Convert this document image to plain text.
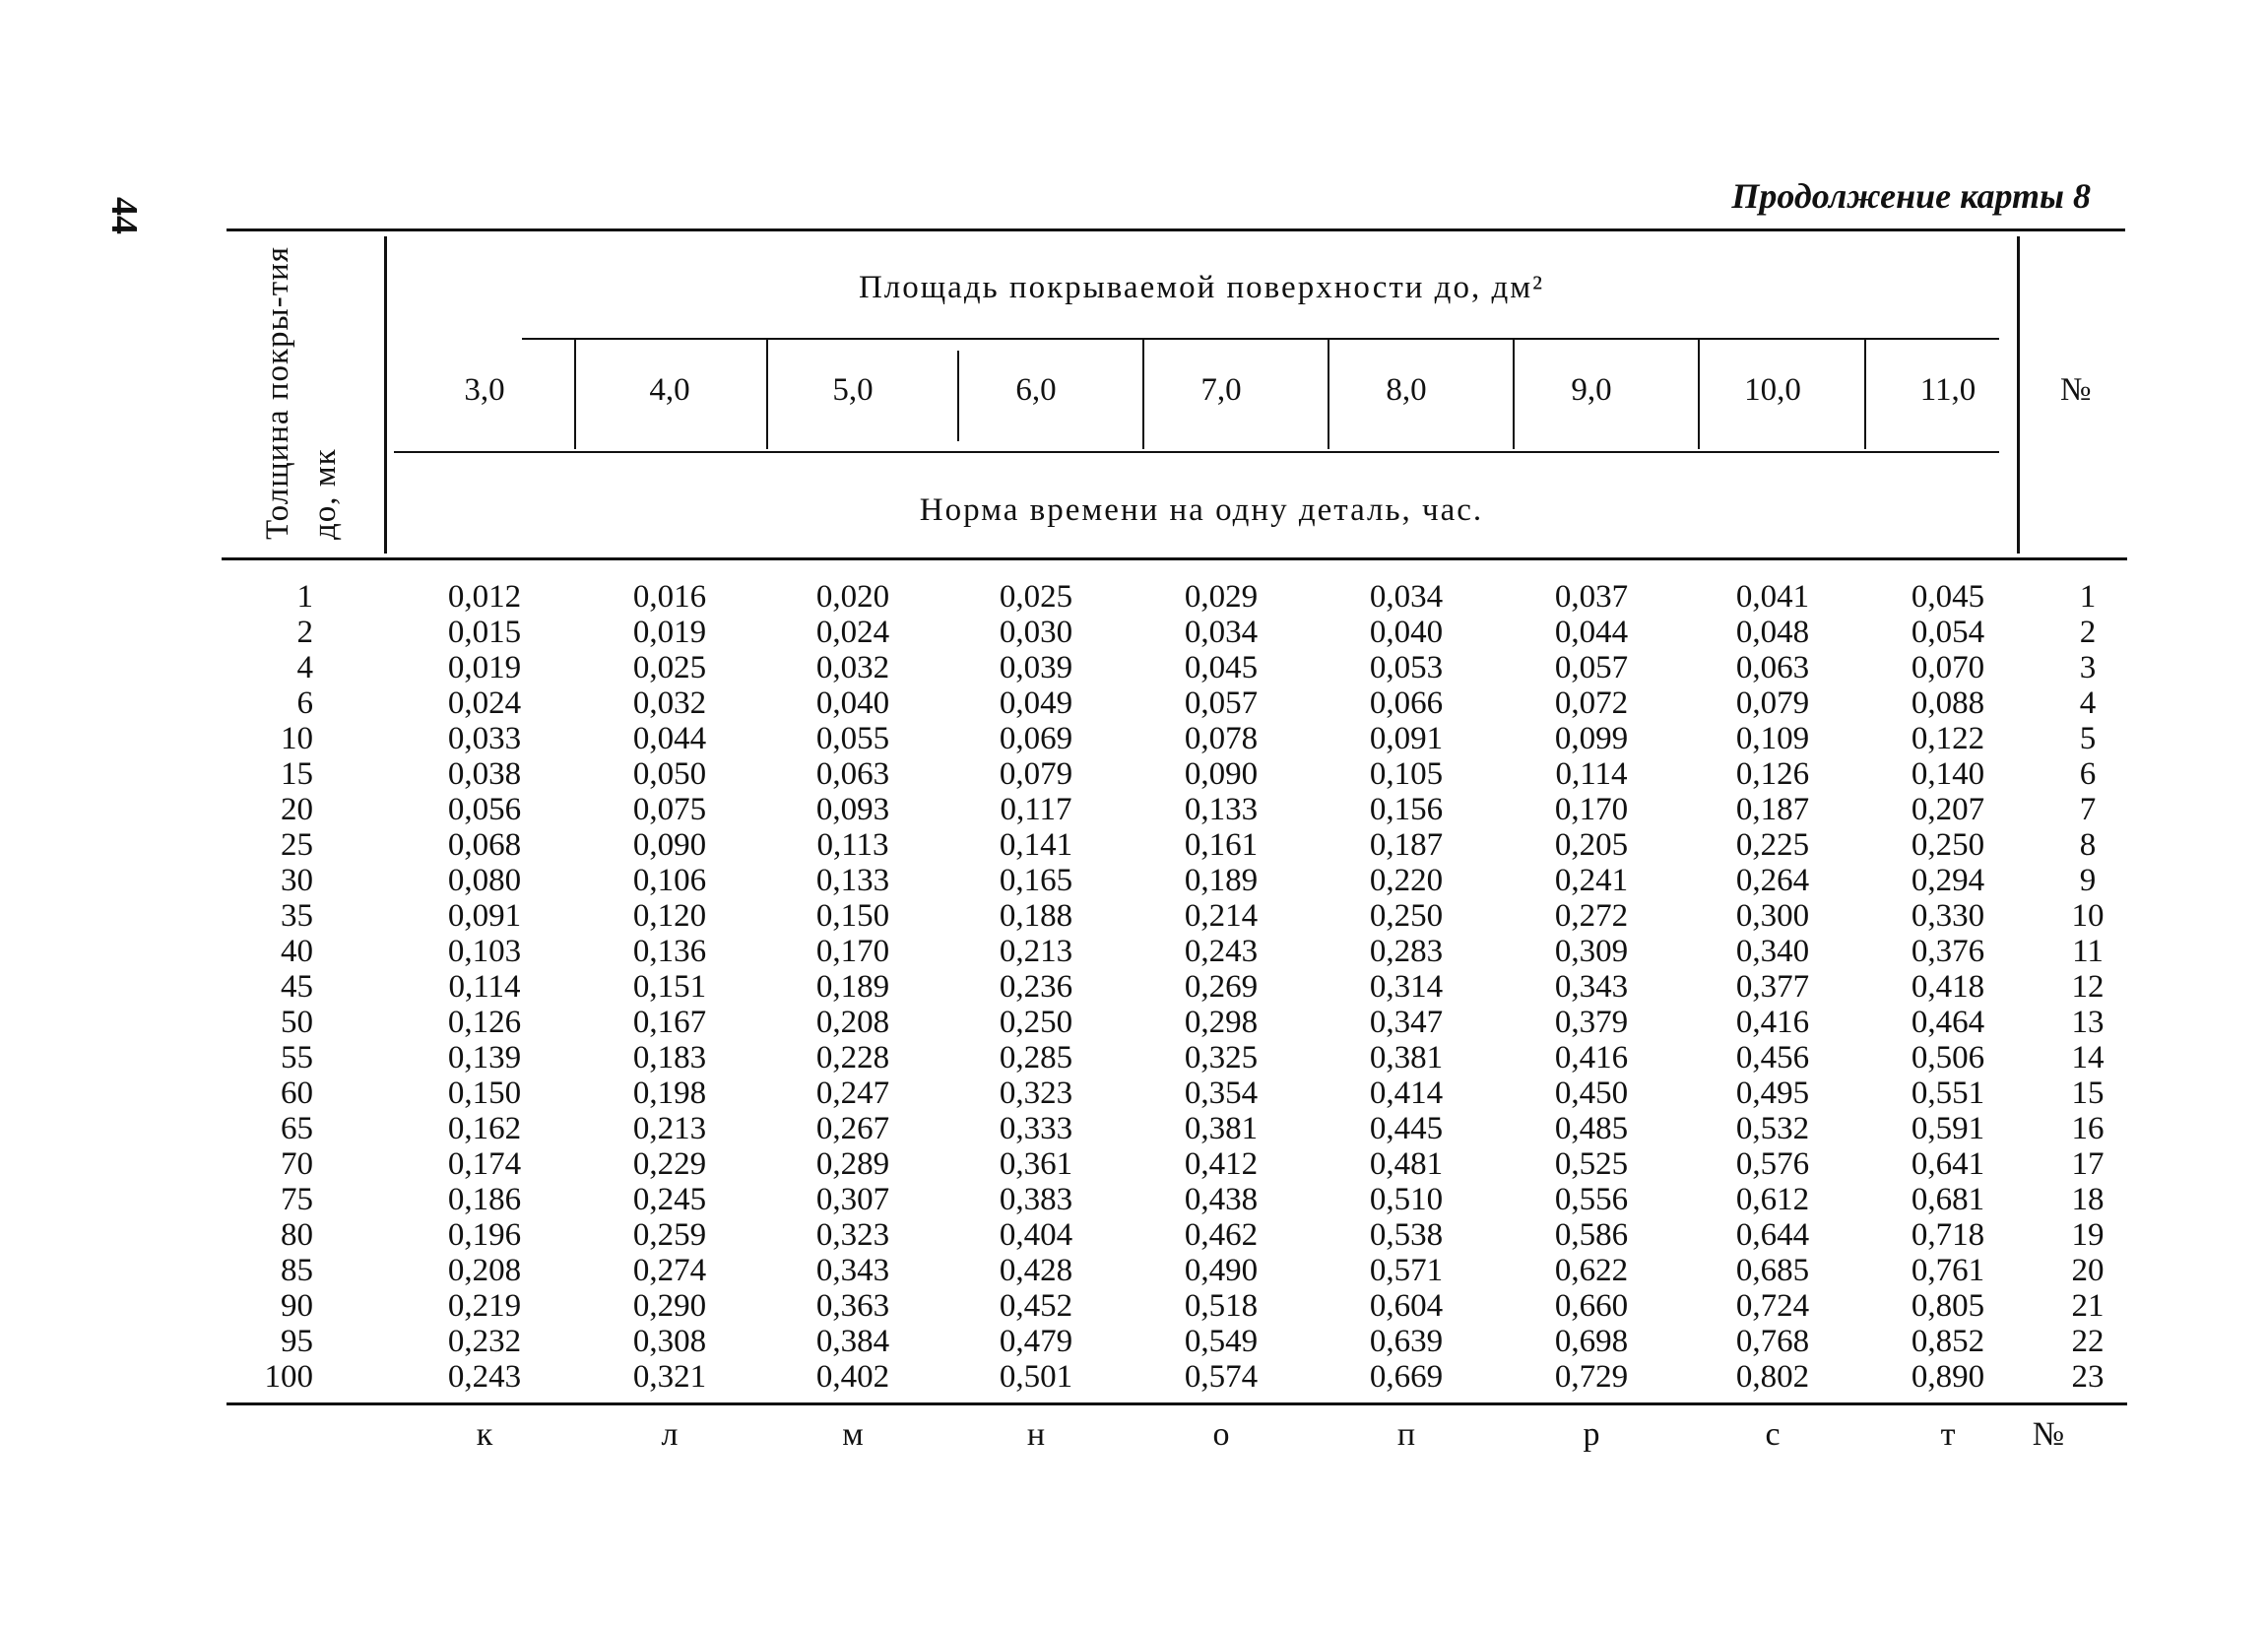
44	Продолжение карты 8
Толщина покры-тия до, мк
Площадь покрываемой поверхности до, дм²
Норма времени на одну деталь, час.
№
3,0	4,0	5,0	6,0	7,0	8,0	9,0	10,0	11,0
1	0,012	0,016	0,020	0,025	0,029	0,034	0,037	0,041	0,045	1
2	0,015	0,019	0,024	0,030	0,034	0,040	0,044	0,048	0,054	2
4	0,019	0,025	0,032	0,039	0,045	0,053	0,057	0,063	0,070	3
6	0,024	0,032	0,040	0,049	0,057	0,066	0,072	0,079	0,088	4
10	0,033	0,044	0,055	0,069	0,078	0,091	0,099	0,109	0,122	5
15	0,038	0,050	0,063	0,079	0,090	0,105	0,114	0,126	0,140	6
20	0,056	0,075	0,093	0,117	0,133	0,156	0,170	0,187	0,207	7
25	0,068	0,090	0,113	0,141	0,161	0,187	0,205	0,225	0,250	8
30	0,080	0,106	0,133	0,165	0,189	0,220	0,241	0,264	0,294	9
35	0,091	0,120	0,150	0,188	0,214	0,250	0,272	0,300	0,330	10
40	0,103	0,136	0,170	0,213	0,243	0,283	0,309	0,340	0,376	11
45	0,114	0,151	0,189	0,236	0,269	0,314	0,343	0,377	0,418	12
50	0,126	0,167	0,208	0,250	0,298	0,347	0,379	0,416	0,464	13
55	0,139	0,183	0,228	0,285	0,325	0,381	0,416	0,456	0,506	14
60	0,150	0,198	0,247	0,323	0,354	0,414	0,450	0,495	0,551	15
65	0,162	0,213	0,267	0,333	0,381	0,445	0,485	0,532	0,591	16
70	0,174	0,229	0,289	0,361	0,412	0,481	0,525	0,576	0,641	17
75	0,186	0,245	0,307	0,383	0,438	0,510	0,556	0,612	0,681	18
80	0,196	0,259	0,323	0,404	0,462	0,538	0,586	0,644	0,718	19
85	0,208	0,274	0,343	0,428	0,490	0,571	0,622	0,685	0,761	20
90	0,219	0,290	0,363	0,452	0,518	0,604	0,660	0,724	0,805	21
95	0,232	0,308	0,384	0,479	0,549	0,639	0,698	0,768	0,852	22
100	0,243	0,321	0,402	0,501	0,574	0,669	0,729	0,802	0,890	23
к	л	м	н	о	п	р	с	т	№
